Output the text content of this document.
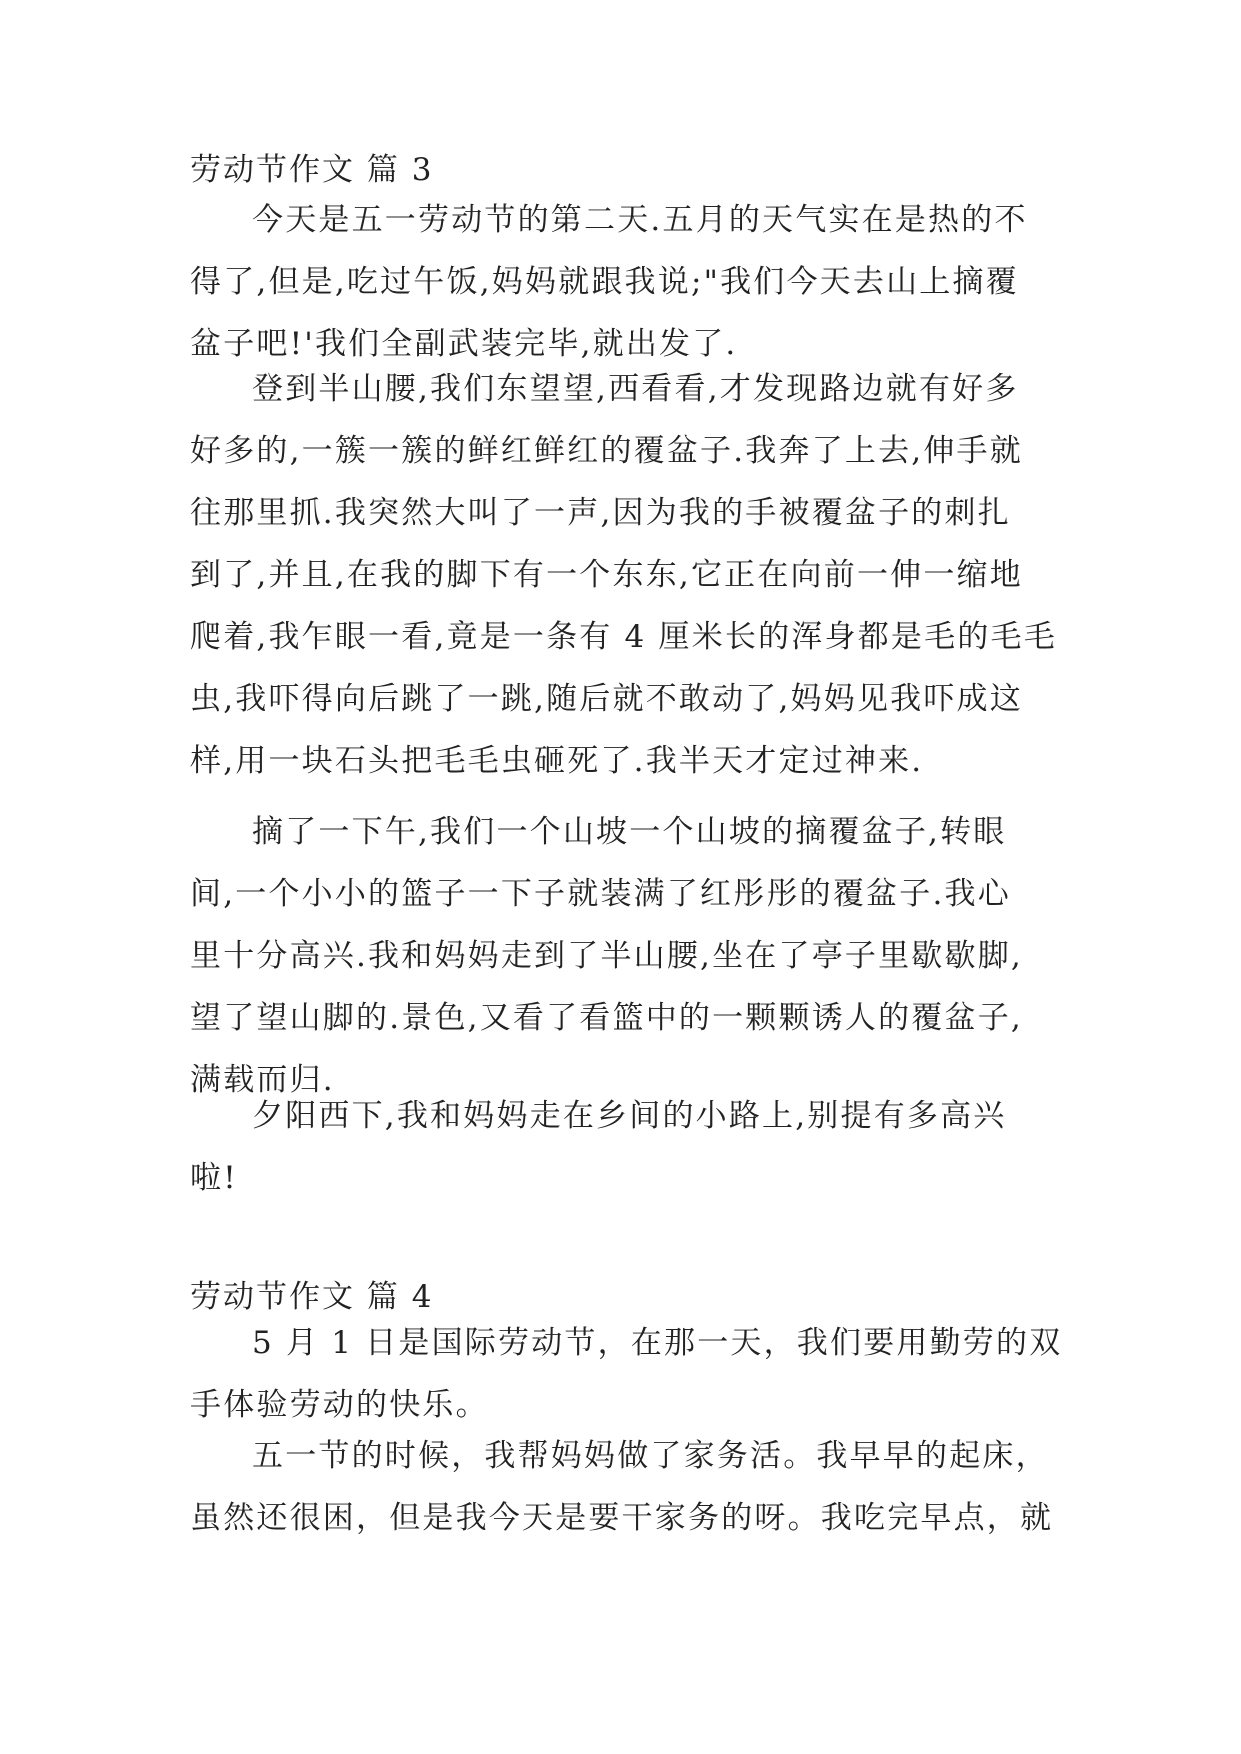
劳动节作文 篇 3
今天是五一劳动节的第二天.五月的天气实在是热的不
得了,但是,吃过午饭,妈妈就跟我说;"我们今天去山上摘覆
盆子吧!'我们全副武装完毕,就出发了.
登到半山腰,我们东望望,西看看,才发现路边就有好多
好多的,一簇一簇的鲜红鲜红的覆盆子.我奔了上去,伸手就
往那里抓.我突然大叫了一声,因为我的手被覆盆子的刺扎
到了,并且,在我的脚下有一个东东,它正在向前一伸一缩地
爬着,我乍眼一看,竟是一条有 4 厘米长的浑身都是毛的毛毛
虫,我吓得向后跳了一跳,随后就不敢动了,妈妈见我吓成这
样,用一块石头把毛毛虫砸死了.我半天才定过神来.
摘了一下午,我们一个山坡一个山坡的摘覆盆子,转眼
间,一个小小的篮子一下子就装满了红彤彤的覆盆子.我心
里十分高兴.我和妈妈走到了半山腰,坐在了亭子里歇歇脚,
望了望山脚的.景色,又看了看篮中的一颗颗诱人的覆盆子,
满载而归.
夕阳西下,我和妈妈走在乡间的小路上,别提有多高兴
啦!
劳动节作文 篇 4
5 月 1 日是国际劳动节，在那一天，我们要用勤劳的双
手体验劳动的快乐。
五一节的时候，我帮妈妈做了家务活。我早早的起床，
虽然还很困，但是我今天是要干家务的呀。我吃完早点，就
